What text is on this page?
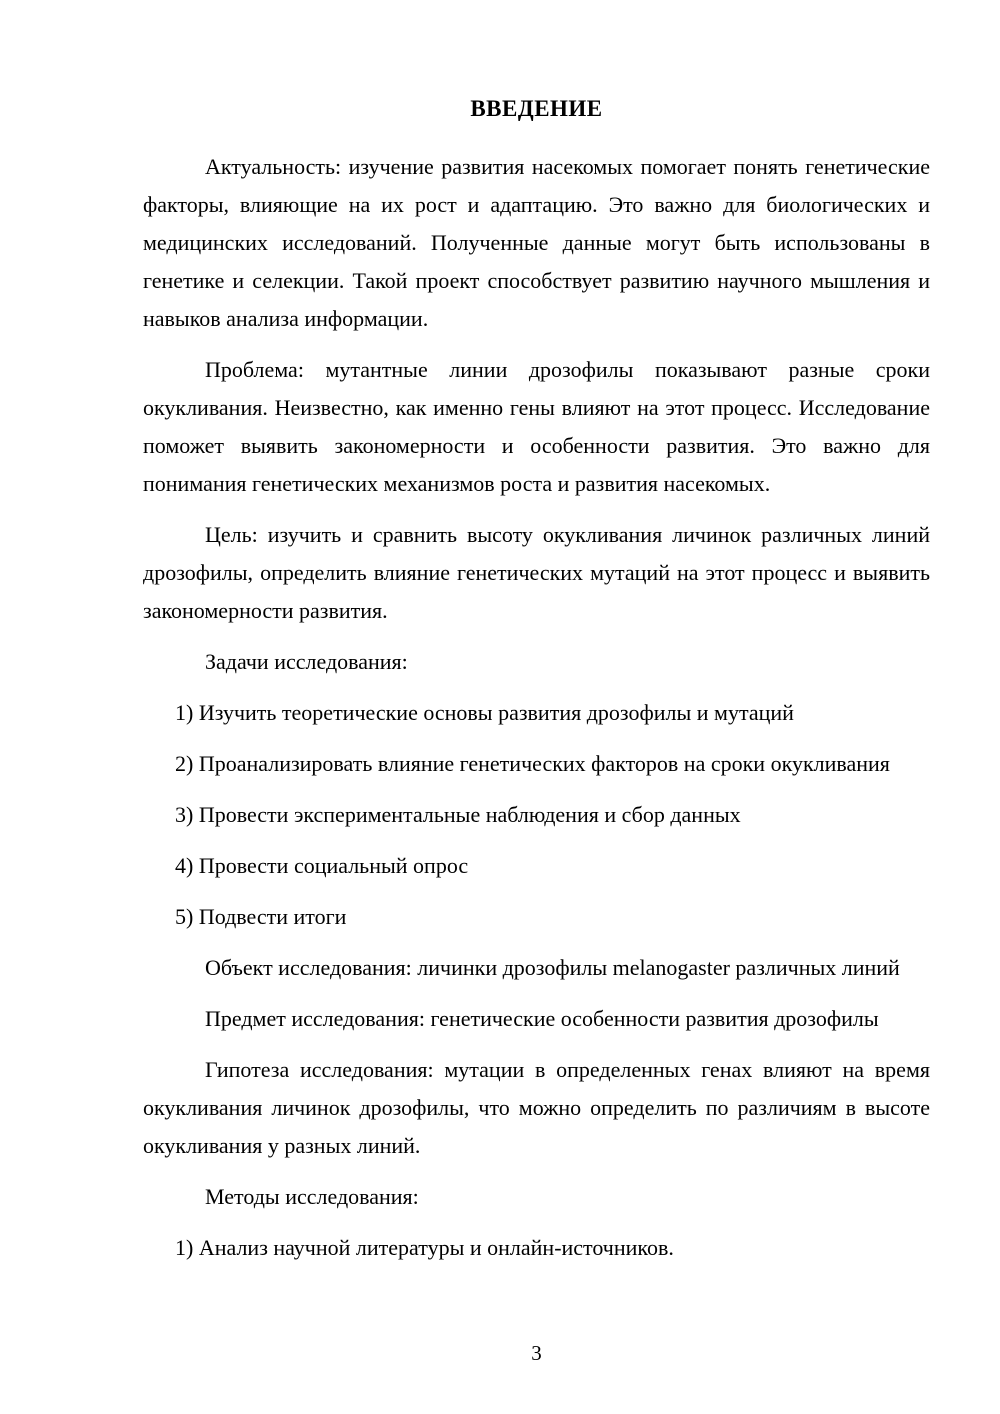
ВВЕДЕНИЕ

Актуальность: изучение развития насекомых помогает понять генетические факторы, влияющие на их рост и адаптацию. Это важно для биологических и медицинских исследований. Полученные данные могут быть использованы в генетике и селекции. Такой проект способствует развитию научного мышления и навыков анализа информации.

Проблема: мутантные линии дрозофилы показывают разные сроки окукливания. Неизвестно, как именно гены влияют на этот процесс. Исследование поможет выявить закономерности и особенности развития. Это важно для понимания генетических механизмов роста и развития насекомых.

Цель: изучить и сравнить высоту окукливания личинок различных линий дрозофилы, определить влияние генетических мутаций на этот процесс и выявить закономерности развития.

Задачи исследования:

1) Изучить теоретические основы развития дрозофилы и мутаций

2) Проанализировать влияние генетических факторов на сроки окукливания

3) Провести экспериментальные наблюдения и сбор данных

4) Провести социальный опрос

5) Подвести итоги

Объект исследования: личинки дрозофилы melanogaster различных линий

Предмет исследования: генетические особенности развития дрозофилы

Гипотеза исследования: мутации в определенных генах влияют на время окукливания личинок дрозофилы, что можно определить по различиям в высоте окукливания у разных линий.

Методы исследования:

1) Анализ научной литературы и онлайн-источников.

3
